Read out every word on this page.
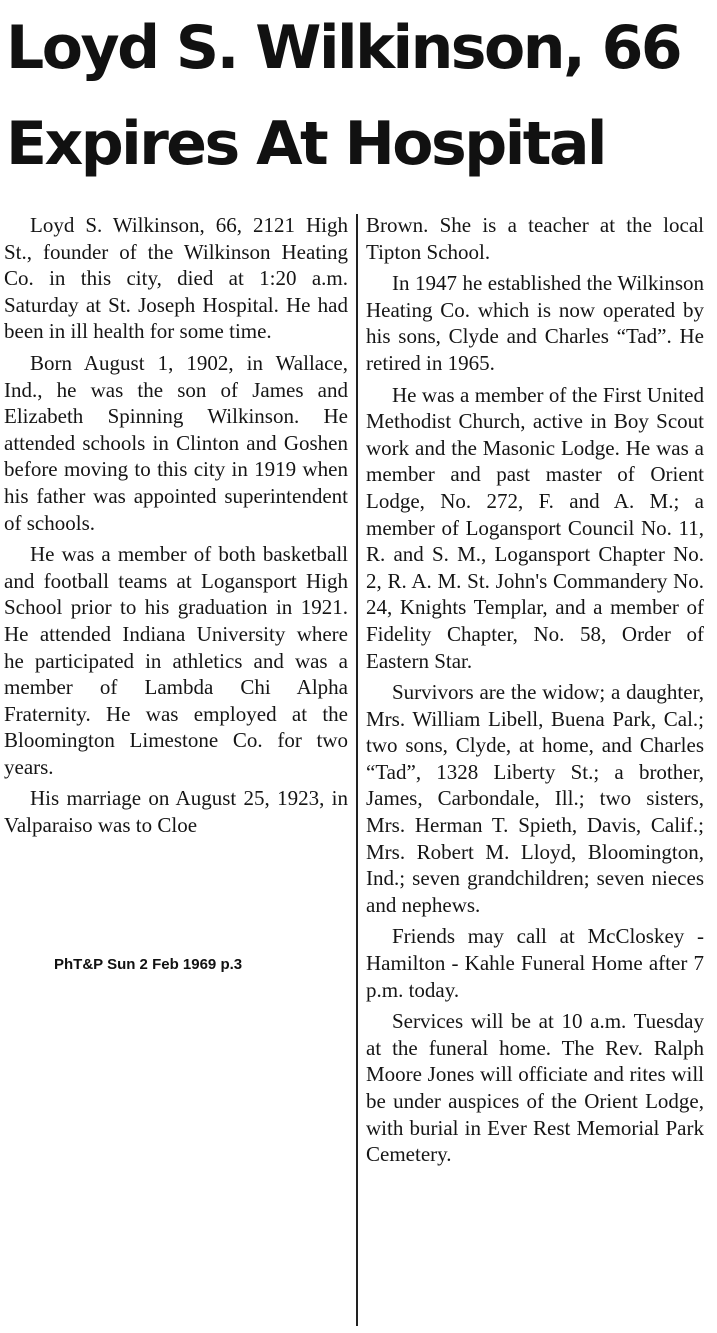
Loyd S. Wilkinson, 66
Expires At Hospital

Loyd S. Wilkinson, 66, 2121 High St., founder of the Wilkinson Heating Co. in this city, died at 1:20 a.m. Saturday at St. Joseph Hospital. He had been in ill health for some time.

Born August 1, 1902, in Wallace, Ind., he was the son of James and Elizabeth Spinning Wilkinson. He attended schools in Clinton and Goshen before moving to this city in 1919 when his father was appointed superintendent of schools.

He was a member of both basketball and football teams at Logansport High School prior to his graduation in 1921. He attended Indiana University where he participated in athletics and was a member of Lambda Chi Alpha Fraternity. He was employed at the Bloomington Limestone Co. for two years.

His marriage on August 25, 1923, in Valparaiso was to Cloe

PhT&P Sun 2 Feb 1969 p.3

Brown. She is a teacher at the local Tipton School.

In 1947 he established the Wilkinson Heating Co. which is now operated by his sons, Clyde and Charles “Tad”. He retired in 1965.

He was a member of the First United Methodist Church, active in Boy Scout work and the Masonic Lodge. He was a member and past master of Orient Lodge, No. 272, F. and A. M.; a member of Logansport Council No. 11, R. and S. M., Logansport Chapter No. 2, R. A. M. St. John's Commandery No. 24, Knights Templar, and a member of Fidelity Chapter, No. 58, Order of Eastern Star.

Survivors are the widow; a daughter, Mrs. William Libell, Buena Park, Cal.; two sons, Clyde, at home, and Charles “Tad”, 1328 Liberty St.; a brother, James, Carbondale, Ill.; two sisters, Mrs. Herman T. Spieth, Davis, Calif.; Mrs. Robert M. Lloyd, Bloomington, Ind.; seven grandchildren; seven nieces and nephews.

Friends may call at McCloskey - Hamilton - Kahle Funeral Home after 7 p.m. today.

Services will be at 10 a.m. Tuesday at the funeral home. The Rev. Ralph Moore Jones will officiate and rites will be under auspices of the Orient Lodge, with burial in Ever Rest Memorial Park Cemetery.
